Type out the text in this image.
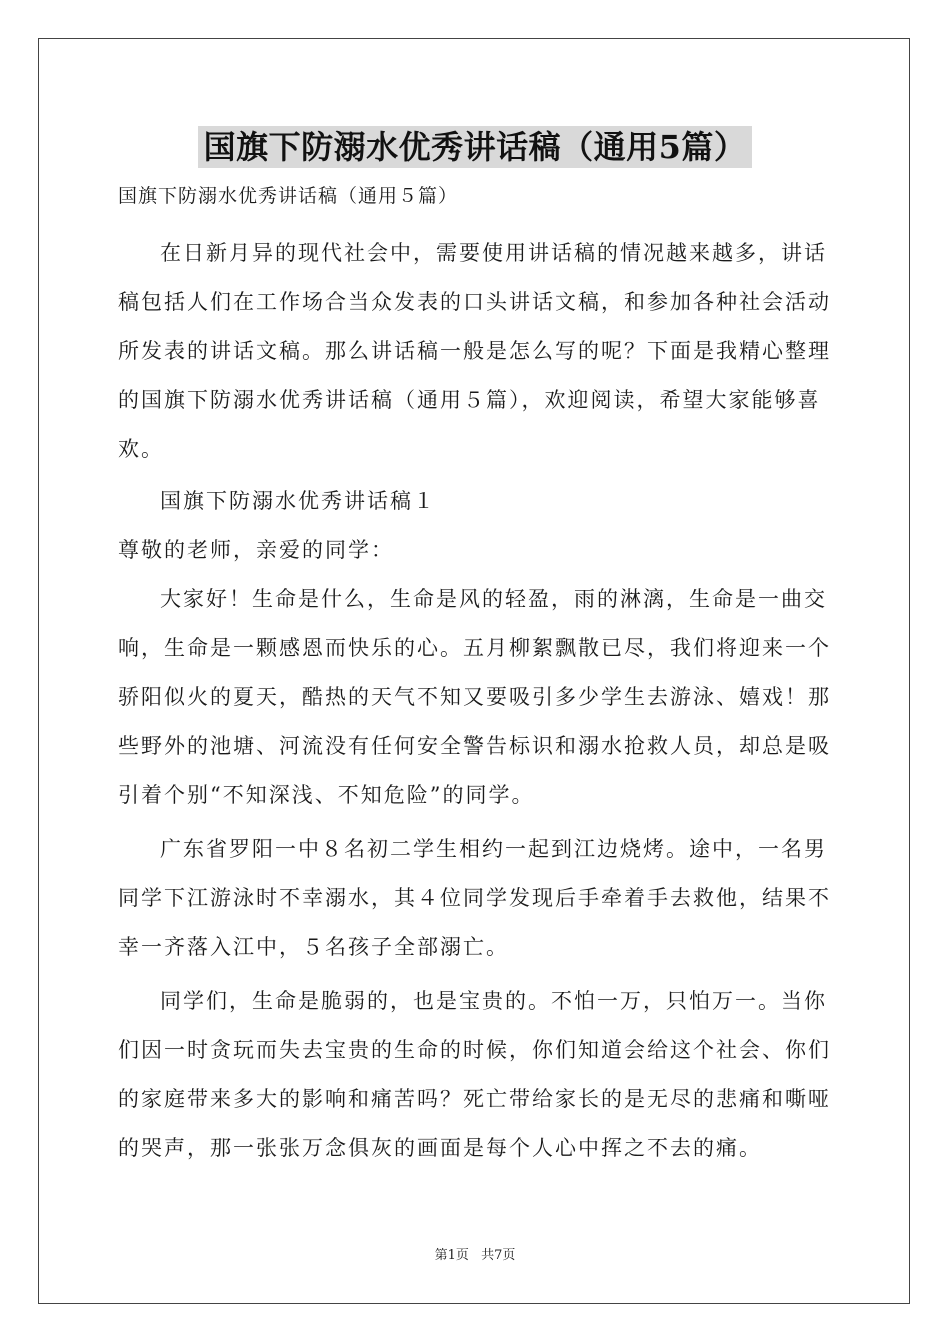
国旗下防溺水优秀讲话稿（通用5篇）
国旗下防溺水优秀讲话稿（通用５篇）

在日新月异的现代社会中，需要使用讲话稿的情况越来越多，讲话稿包括人们在工作场合当众发表的口头讲话文稿，和参加各种社会活动所发表的讲话文稿。那么讲话稿一般是怎么写的呢？下面是我精心整理的国旗下防溺水优秀讲话稿（通用５篇），欢迎阅读，希望大家能够喜欢。

国旗下防溺水优秀讲话稿１

尊敬的老师，亲爱的同学：

大家好！生命是什么，生命是风的轻盈，雨的淋漓，生命是一曲交响，生命是一颗感恩而快乐的心。五月柳絮飘散已尽，我们将迎来一个骄阳似火的夏天，酷热的天气不知又要吸引多少学生去游泳、嬉戏！那些野外的池塘、河流没有任何安全警告标识和溺水抢救人员，却总是吸引着个别“不知深浅、不知危险”的同学。

广东省罗阳一中８名初二学生相约一起到江边烧烤。途中，一名男同学下江游泳时不幸溺水，其４位同学发现后手牵着手去救他，结果不幸一齐落入江中，５名孩子全部溺亡。

同学们，生命是脆弱的，也是宝贵的。不怕一万，只怕万一。当你们因一时贪玩而失去宝贵的生命的时候，你们知道会给这个社会、你们的家庭带来多大的影响和痛苦吗？死亡带给家长的是无尽的悲痛和嘶哑的哭声，那一张张万念俱灰的画面是每个人心中挥之不去的痛。

第1页 共7页
